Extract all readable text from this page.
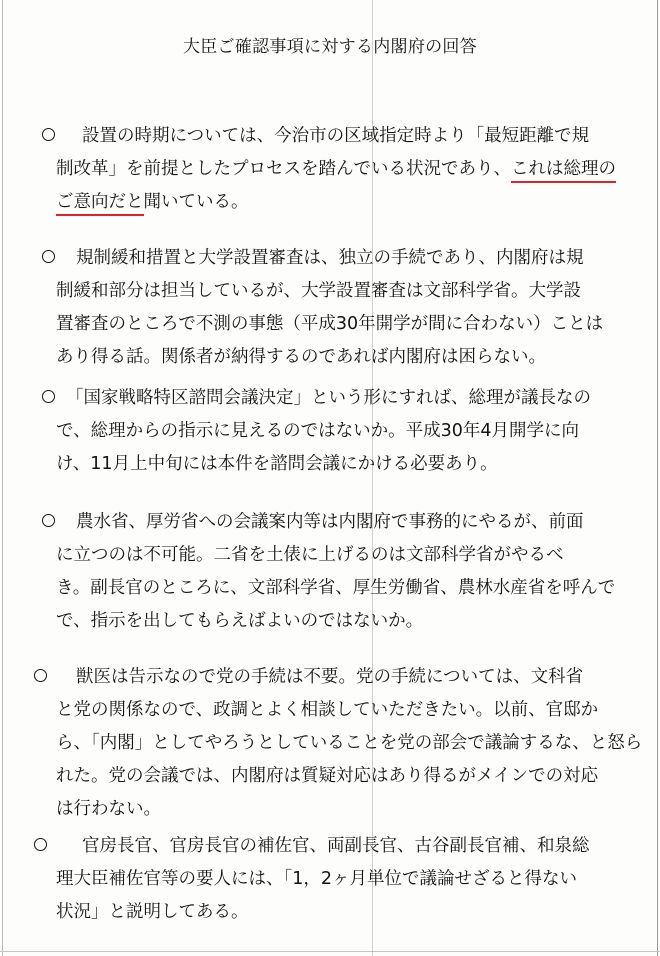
大臣ご確認事項に対する内閣府の回答
設置の時期については、今治市の区域指定時より「最短距離で規
制改革」を前提としたプロセスを踏んでいる状況であり、これは総理の
ご意向だと聞いている。
規制緩和措置と大学設置審査は、独立の手続であり、内閣府は規
制緩和部分は担当しているが、大学設置審査は文部科学省。大学設
置審査のところで不測の事態（平成30年開学が間に合わない）ことは
あり得る話。関係者が納得するのであれば内閣府は困らない。
「国家戦略特区諮問会議決定」という形にすれば、総理が議長なの
で、総理からの指示に見えるのではないか。平成30年4月開学に向
け、11月上中旬には本件を諮問会議にかける必要あり。
農水省、厚労省への会議案内等は内閣府で事務的にやるが、前面
に立つのは不可能。二省を土俵に上げるのは文部科学省がやるべ
き。副長官のところに、文部科学省、厚生労働省、農林水産省を呼んで
で、指示を出してもらえばよいのではないか。
獣医は告示なので党の手続は不要。党の手続については、文科省
と党の関係なので、政調とよく相談していただきたい。以前、官邸か
ら、「内閣」としてやろうとしていることを党の部会で議論するな、と怒ら
れた。党の会議では、内閣府は質疑対応はあり得るがメインでの対応
は行わない。
官房長官、官房長官の補佐官、両副長官、古谷副長官補、和泉総
理大臣補佐官等の要人には、「1，2ヶ月単位で議論せざると得ない
状況」と説明してある。
